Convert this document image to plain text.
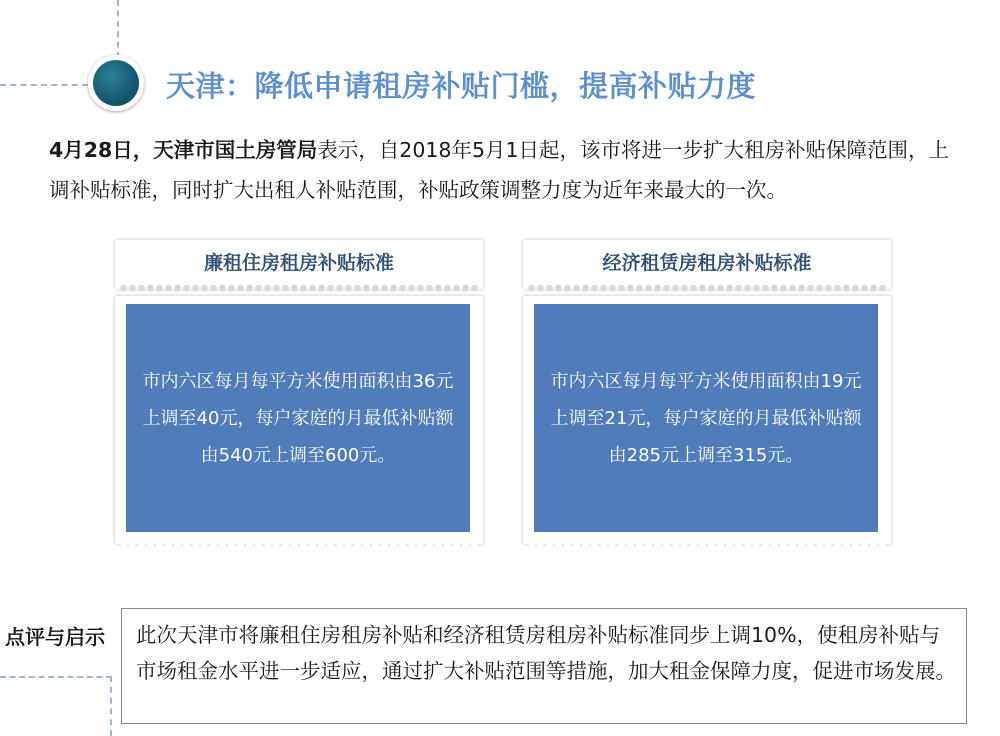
天津：降低申请租房补贴门槛，提高补贴力度
4月28日，天津市国土房管局表示，自2018年5月1日起，该市将进一步扩大租房补贴保障范围，上调补贴标准，同时扩大出租人补贴范围，补贴政策调整力度为近年来最大的一次。
廉租住房租房补贴标准
市内六区每月每平方米使用面积由36元上调至40元，每户家庭的月最低补贴额由540元上调至600元。
经济租赁房租房补贴标准
市内六区每月每平方米使用面积由19元上调至21元，每户家庭的月最低补贴额由285元上调至315元。
点评与启示 此次天津市将廉租住房租房补贴和经济租赁房租房补贴标准同步上调10%，使租房补贴与市场租金水平进一步适应，通过扩大补贴范围等措施，加大租金保障力度，促进市场发展。
